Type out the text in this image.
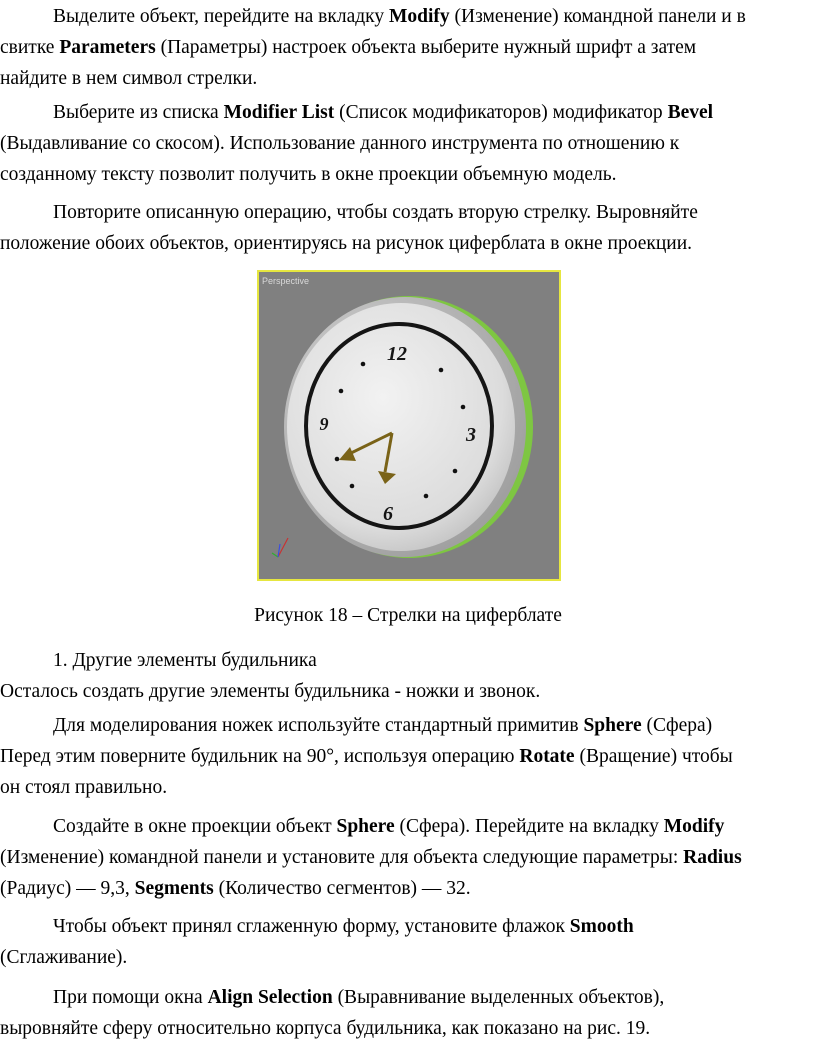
Выделите объект, перейдите на вкладку Modify (Изменение) командной панели и в
свитке Parameters (Параметры) настроек объекта выберите нужный шрифт а затем
найдите в нем символ стрелки.
Выберите из списка Modifier List (Список модификаторов) модификатор Bevel
(Выдавливание со скосом). Использование данного инструмента по отношению к
созданному тексту позволит получить в окне проекции объемную модель.
Повторите описанную операцию, чтобы создать вторую стрелку. Выровняйте
положение обоих объектов, ориентируясь на рисунок циферблата в окне проекции.
Perspective
12
3
6
9
Рисунок 18 – Стрелки на циферблате
1. Другие элементы будильника
Осталось создать другие элементы будильника - ножки и звонок.
Для моделирования ножек используйте стандартный примитив Sphere (Сфера)
Перед этим поверните будильник на 90°, используя операцию Rotate (Вращение) чтобы
он стоял правильно.
Создайте в окне проекции объект Sphere (Сфера). Перейдите на вкладку Modify
(Изменение) командной панели и установите для объекта следующие параметры: Radius
(Радиус) — 9,3, Segments (Количество сегментов) — 32.
Чтобы объект принял сглаженную форму, установите флажок Smooth
(Сглаживание).
При помощи окна Align Selection (Выравнивание выделенных объектов),
выровняйте сферу относительно корпуса будильника, как показано на рис. 19.
